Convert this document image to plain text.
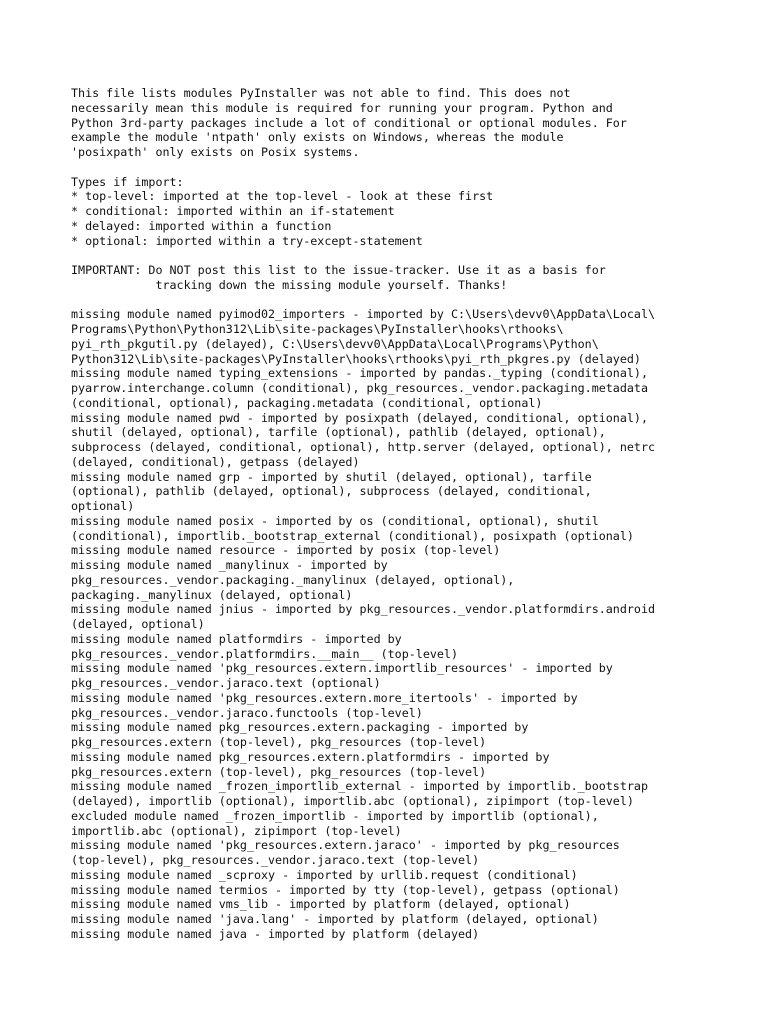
This file lists modules PyInstaller was not able to find. This does not
necessarily mean this module is required for running your program. Python and
Python 3rd-party packages include a lot of conditional or optional modules. For
example the module 'ntpath' only exists on Windows, whereas the module
'posixpath' only exists on Posix systems.
Types if import:
* top-level: imported at the top-level - look at these first
* conditional: imported within an if-statement
* delayed: imported within a function
* optional: imported within a try-except-statement
IMPORTANT: Do NOT post this list to the issue-tracker. Use it as a basis for
tracking down the missing module yourself. Thanks!
missing module named pyimod02_importers - imported by C:\Users\devv0\AppData\Local\
Programs\Python\Python312\Lib\site-packages\PyInstaller\hooks\rthooks\
pyi_rth_pkgutil.py (delayed), C:\Users\devv0\AppData\Local\Programs\Python\
Python312\Lib\site-packages\PyInstaller\hooks\rthooks\pyi_rth_pkgres.py (delayed)
missing module named typing_extensions - imported by pandas._typing (conditional),
pyarrow.interchange.column (conditional), pkg_resources._vendor.packaging.metadata
(conditional, optional), packaging.metadata (conditional, optional)
missing module named pwd - imported by posixpath (delayed, conditional, optional),
shutil (delayed, optional), tarfile (optional), pathlib (delayed, optional),
subprocess (delayed, conditional, optional), http.server (delayed, optional), netrc
(delayed, conditional), getpass (delayed)
missing module named grp - imported by shutil (delayed, optional), tarfile
(optional), pathlib (delayed, optional), subprocess (delayed, conditional,
optional)
missing module named posix - imported by os (conditional, optional), shutil
(conditional), importlib._bootstrap_external (conditional), posixpath (optional)
missing module named resource - imported by posix (top-level)
missing module named _manylinux - imported by
pkg_resources._vendor.packaging._manylinux (delayed, optional),
packaging._manylinux (delayed, optional)
missing module named jnius - imported by pkg_resources._vendor.platformdirs.android
(delayed, optional)
missing module named platformdirs - imported by
pkg_resources._vendor.platformdirs.__main__ (top-level)
missing module named 'pkg_resources.extern.importlib_resources' - imported by
pkg_resources._vendor.jaraco.text (optional)
missing module named 'pkg_resources.extern.more_itertools' - imported by
pkg_resources._vendor.jaraco.functools (top-level)
missing module named pkg_resources.extern.packaging - imported by
pkg_resources.extern (top-level), pkg_resources (top-level)
missing module named pkg_resources.extern.platformdirs - imported by
pkg_resources.extern (top-level), pkg_resources (top-level)
missing module named _frozen_importlib_external - imported by importlib._bootstrap
(delayed), importlib (optional), importlib.abc (optional), zipimport (top-level)
excluded module named _frozen_importlib - imported by importlib (optional),
importlib.abc (optional), zipimport (top-level)
missing module named 'pkg_resources.extern.jaraco' - imported by pkg_resources
(top-level), pkg_resources._vendor.jaraco.text (top-level)
missing module named _scproxy - imported by urllib.request (conditional)
missing module named termios - imported by tty (top-level), getpass (optional)
missing module named vms_lib - imported by platform (delayed, optional)
missing module named 'java.lang' - imported by platform (delayed, optional)
missing module named java - imported by platform (delayed)
